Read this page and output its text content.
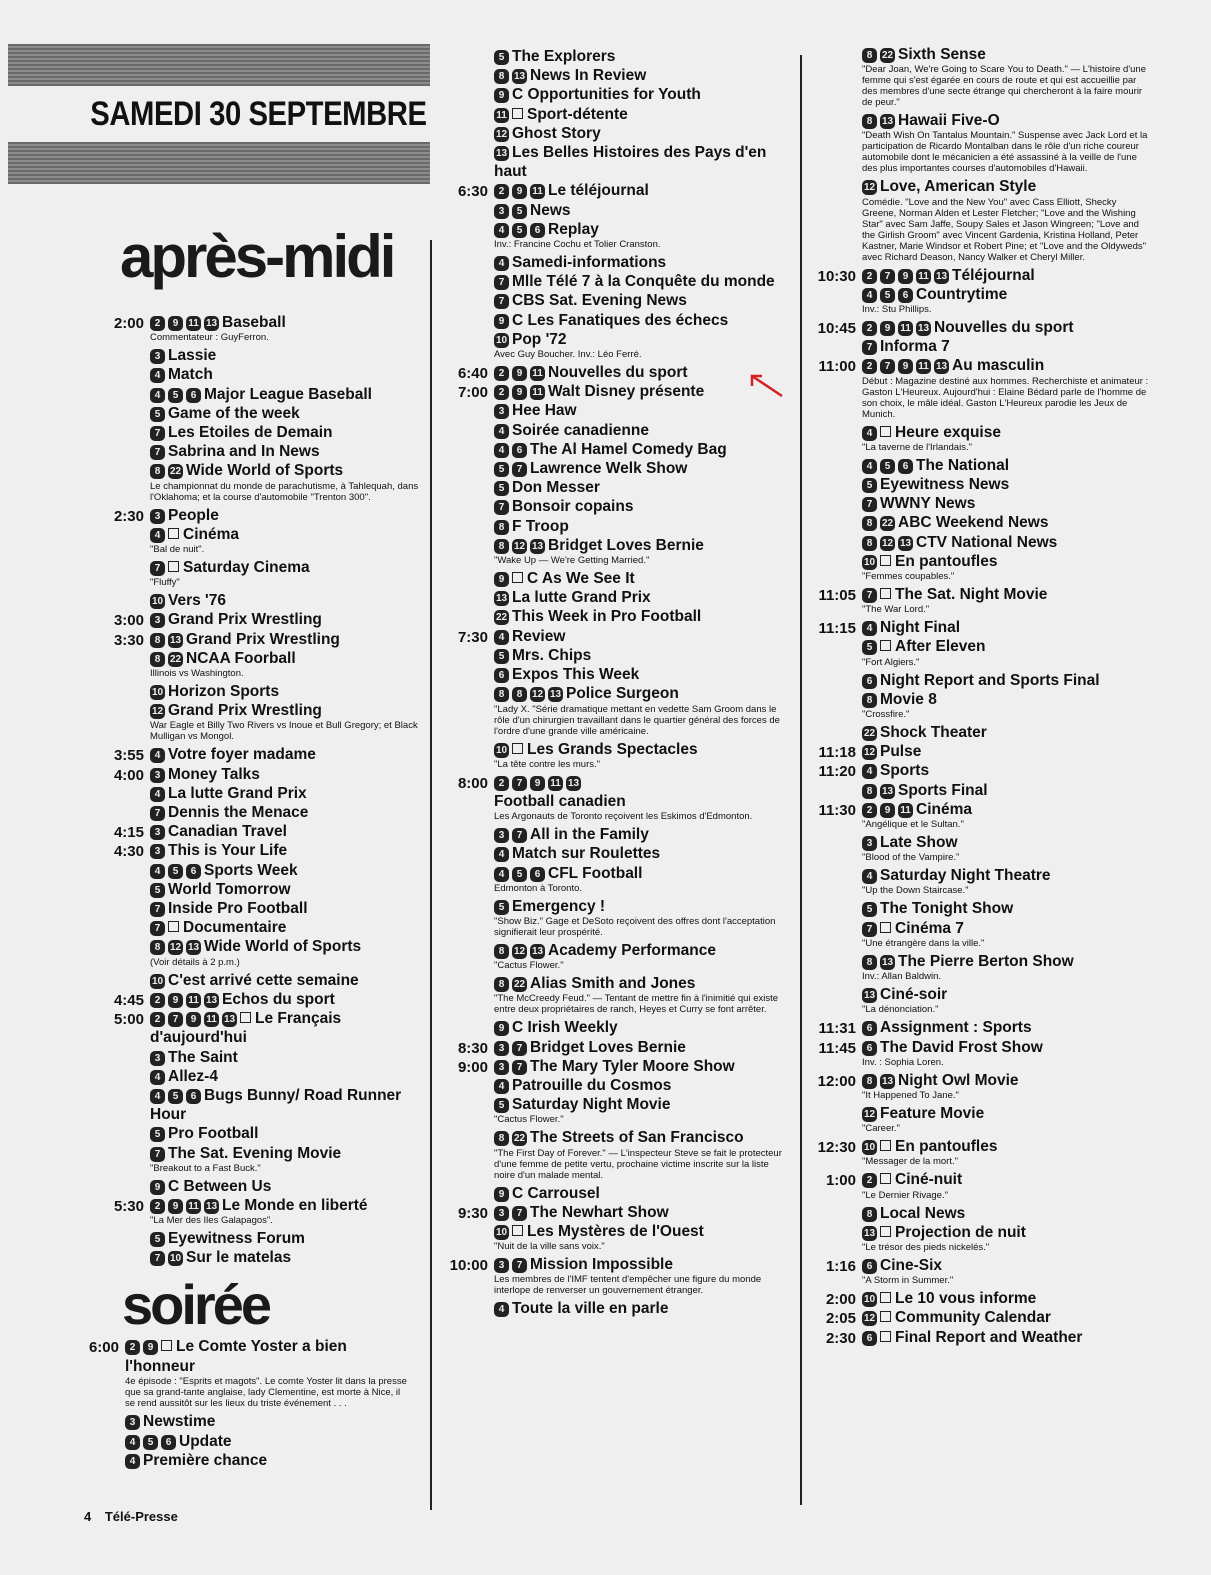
SAMEDI 30 SEPTEMBRE
après-midi
2:00	2 9 11 13 Baseball
Commentateur : GuyFerron.
3 Lassie
4 Match
4 5 6 Major League Baseball
5 Game of the week
7 Les Etoiles de Demain
7 Sabrina and In News
8 22 Wide World of Sports
Le championnat du monde de parachutisme, à Tahlequah, dans l'Oklahoma; et la course d'automobile "Trenton 300".
2:30	3 People
4 Cinéma
"Bal de nuit".
7 Saturday Cinema
"Fluffy"
10 Vers '76
3:00	3 Grand Prix Wrestling
3:30	8 13 Grand Prix Wrestling
8 22 NCAA Foorball
Illinois vs Washington.
10 Horizon Sports
12 Grand Prix Wrestling
War Eagle et Billy Two Rivers vs Inoue et Bull Gregory; et Black Mulligan vs Mongol.
3:55	4 Votre foyer madame
4:00	3 Money Talks
4 La lutte Grand Prix
7 Dennis the Menace
4:15	3 Canadian Travel
4:30	3 This is Your Life
4 5 6 Sports Week
5 World Tomorrow
7 Inside Pro Football
7 Documentaire
8 12 13 Wide World of Sports
(Voir détails à 2 p.m.)
10 C'est arrivé cette semaine
4:45	2 9 11 13 Echos du sport
5:00	2 7 9 11 13 Le Français d'aujourd'hui
3 The Saint
4 Allez-4
4 5 6 Bugs Bunny/ Road Runner Hour
5 Pro Football
7 The Sat. Evening Movie
"Breakout to a Fast Buck."
9 C Between Us
5:30	2 9 11 13 Le Monde en liberté
"La Mer des Iles Galapagos".
5 Eyewitness Forum
7 10 Sur le matelas
soirée
6:00	2 9 Le Comte Yoster a bien l'honneur
4e épisode : "Esprits et magots". Le comte Yoster lit dans la presse que sa grand-tante anglaise, lady Clementine, est morte à Nice, il se rend aussitôt sur les lieux du triste événement . . .
3 Newstime
4 5 6 Update
4 Première chance
5 The Explorers
8 13 News In Review
9 C Opportunities for Youth
11 Sport-détente
12 Ghost Story
13 Les Belles Histoires des Pays d'en haut
6:30	2 9 11 Le téléjournal
3 5 News
4 5 6 Replay
Inv.: Francine Cochu et Tolier Cranston.
4 Samedi-informations
7 Mlle Télé 7 à la Conquête du monde
7 CBS Sat. Evening News
9 C Les Fanatiques des échecs
10 Pop '72
Avec Guy Boucher. Inv.: Léo Ferré.
6:40	2 9 11 Nouvelles du sport
7:00	2 9 11 Walt Disney présente
3 Hee Haw
4 Soirée canadienne
4 6 The Al Hamel Comedy Bag
5 7 Lawrence Welk Show
5 Don Messer
7 Bonsoir copains
8 F Troop
8 12 13 Bridget Loves Bernie
"Wake Up — We're Getting Married."
9 C As We See It
13 La lutte Grand Prix
22 This Week in Pro Football
7:30	4 Review
5 Mrs. Chips
6 Expos This Week
8 8 12 13 Police Surgeon
"Lady X. "Série dramatique mettant en vedette Sam Groom dans le rôle d'un chirurgien travaillant dans le quartier général des forces de l'ordre d'une grande ville américaine.
10 Les Grands Spectacles
"La tête contre les murs."
8:00	2 7 9 11 13
Football canadien
Les Argonauts de Toronto reçoivent les Eskimos d'Edmonton.
3 7 All in the Family
4 Match sur Roulettes
4 5 6 CFL Football
Edmonton à Toronto.
5 Emergency !
"Show Biz." Gage et DeSoto reçoivent des offres dont l'acceptation signifierait leur prospérité.
8 12 13 Academy Performance
"Cactus Flower."
8 22 Alias Smith and Jones
"The McCreedy Feud." — Tentant de mettre fin à l'inimitié qui existe entre deux propriétaires de ranch, Heyes et Curry se font arrêter.
9 C Irish Weekly
8:30	3 7 Bridget Loves Bernie
9:00	3 7 The Mary Tyler Moore Show
4 Patrouille du Cosmos
5 Saturday Night Movie
"Cactus Flower."
8 22 The Streets of San Francisco
"The First Day of Forever." — L'inspecteur Steve se fait le protecteur d'une femme de petite vertu, prochaine victime inscrite sur la liste noire d'un malade mental.
9 C Carrousel
9:30	3 7 The Newhart Show
10 Les Mystères de l'Ouest
"Nuit de la ville sans voix."
10:00	3 7 Mission Impossible
Les membres de l'IMF tentent d'empêcher une figure du monde interlope de renverser un gouvernement étranger.
4 Toute la ville en parle
8 22 Sixth Sense
"Dear Joan, We're Going to Scare You to Death." — L'histoire d'une femme qui s'est égarée en cours de route et qui est accueillie par des membres d'une secte étrange qui chercheront à la faire mourir de peur."
8 13 Hawaii Five-O
"Death Wish On Tantalus Mountain." Suspense avec Jack Lord et la participation de Ricardo Montalban dans le rôle d'un riche coureur automobile dont le mécanicien a été assassiné à la veille de l'une des plus importantes courses d'automobiles d'Hawaii.
12 Love, American Style
Comédie. "Love and the New You" avec Cass Elliott, Shecky Greene, Norman Alden et Lester Fletcher; "Love and the Wishing Star" avec Sam Jaffe, Soupy Sales et Jason Wingreen; "Love and the Girlish Groom" avec Vincent Gardenia, Kristina Holland, Peter Kastner, Marie Windsor et Robert Pine; et "Love and the Oldyweds" avec Richard Deason, Nancy Walker et Cheryl Miller.
10:30	2 7 9 11 13 Téléjournal
4 5 6 Countrytime
Inv.: Stu Phillips.
10:45	2 9 11 13 Nouvelles du sport
7 Informa 7
11:00	2 7 9 11 13 Au masculin
Début : Magazine destiné aux hommes. Recherchiste et animateur : Gaston L'Heureux. Aujourd'hui : Elaine Bédard parle de l'homme de son choix, le mâle idéal. Gaston L'Heureux parodie les Jeux de Munich.
4 Heure exquise
"La taverne de l'Irlandais."
4 5 6 The National
5 Eyewitness News
7 WWNY News
8 22 ABC Weekend News
8 12 13 CTV National News
10 En pantoufles
"Femmes coupables."
11:05	7 The Sat. Night Movie
"The War Lord."
11:15	4 Night Final
5 After Eleven
"Fort Algiers."
6 Night Report and Sports Final
8 Movie 8
"Crossfire."
22 Shock Theater
11:18 12 Pulse
11:20	4 Sports
8 13 Sports Final
11:30	2 9 11 Cinéma
"Angélique et le Sultan."
3 Late Show
"Blood of the Vampire."
4 Saturday Night Theatre
"Up the Down Staircase."
5 The Tonight Show
7 Cinéma 7
"Une étrangère dans la ville."
8 13 The Pierre Berton Show
Inv.: Allan Baldwin.
13 Ciné-soir
"La dénonciation."
11:31	6 Assignment : Sports
11:45	6 The David Frost Show
Inv. : Sophia Loren.
12:00	8 13 Night Owl Movie
"It Happened To Jane."
12 Feature Movie
"Career."
12:30 10 En pantoufles
"Messager de la mort."
1:00	2 Ciné-nuit
"Le Dernier Rivage."
8 Local News
13 Projection de nuit
"Le trésor des pieds nickelés."
1:16	6 Cine-Six
"A Storm in Summer."
2:00 10 Le 10 vous informe
2:05 12 Community Calendar
2:30	6 Final Report and Weather
4 Télé-Presse
